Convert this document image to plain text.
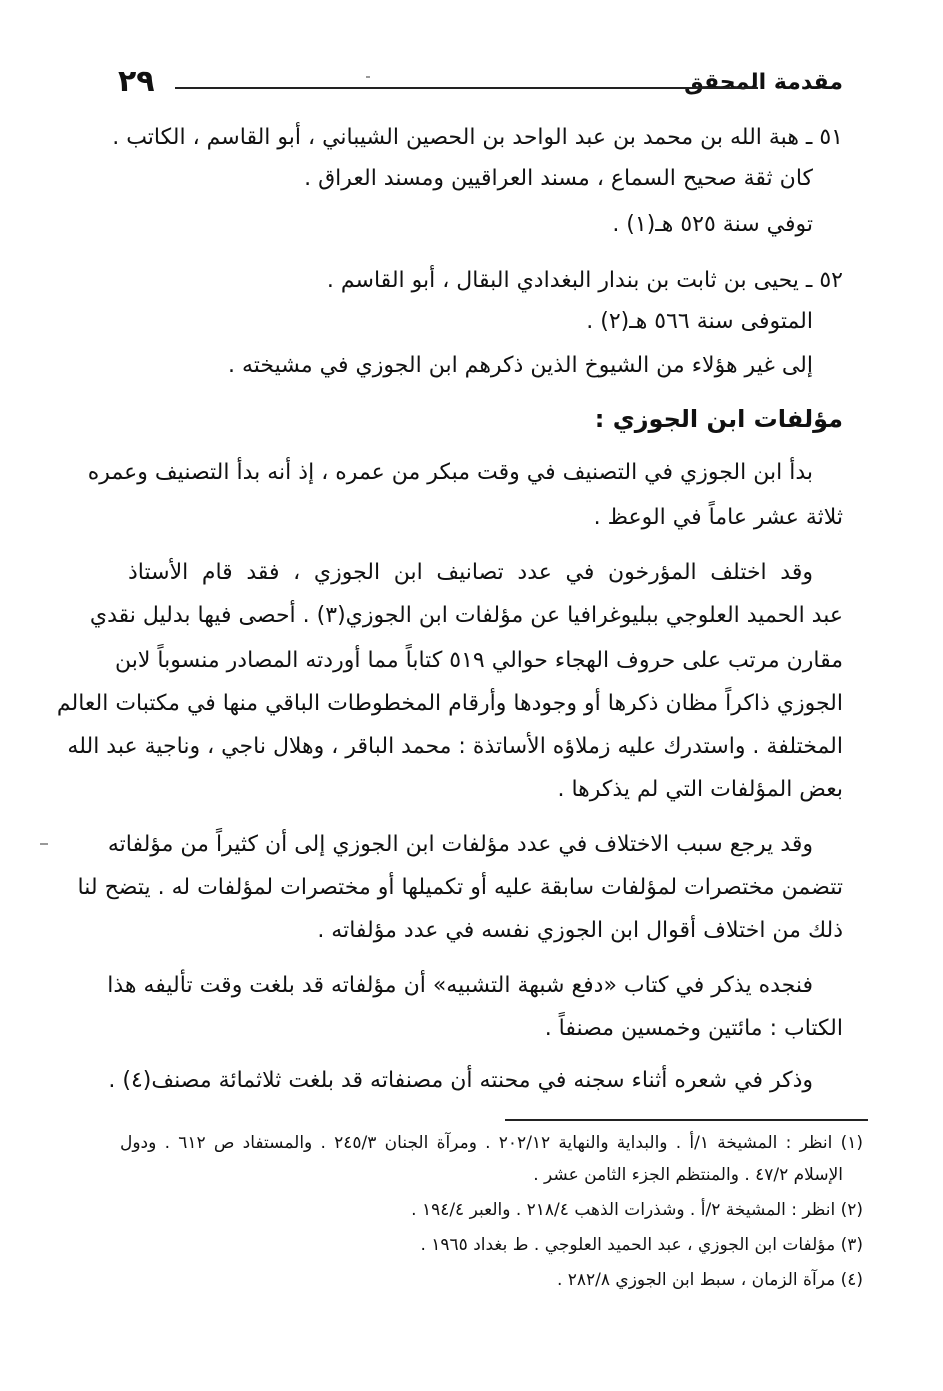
مقدمة المحقق
٢٩
٥١ ـ هبة الله بن محمد بن عبد الواحد بن الحصين الشيباني ، أبو القاسم ، الكاتب .
كان ثقة صحيح السماع ، مسند العراقيين ومسند العراق .
توفي سنة ٥٢٥ هـ(١) .
٥٢ ـ يحيى بن ثابت بن بندار البغدادي البقال ، أبو القاسم .
المتوفى سنة ٥٦٦ هـ(٢) .
إلى غير هؤلاء من الشيوخ الذين ذكرهم ابن الجوزي في مشيخته .
مؤلفات ابن الجوزي :
بدأ ابن الجوزي في التصنيف في وقت مبكر من عمره ، إذ أنه بدأ التصنيف وعمره
ثلاثة عشر عاماً في الوعظ .
وقد اختلف المؤرخون في عدد تصانيف ابن الجوزي ، فقد قام الأستاذ
عبد الحميد العلوجي ببليوغرافيا عن مؤلفات ابن الجوزي(٣) . أحصى فيها بدليل نقدي
مقارن مرتب على حروف الهجاء حوالي ٥١٩ كتاباً مما أوردته المصادر منسوباً لابن
الجوزي ذاكراً مظان ذكرها أو وجودها وأرقام المخطوطات الباقي منها في مكتبات العالم
المختلفة . واستدرك عليه زملاؤه الأساتذة : محمد الباقر ، وهلال ناجي ، وناجية عبد الله
بعض المؤلفات التي لم يذكرها .
وقد يرجع سبب الاختلاف في عدد مؤلفات ابن الجوزي إلى أن كثيراً من مؤلفاته
تتضمن مختصرات لمؤلفات سابقة عليه أو تكميلها أو مختصرات لمؤلفات له . يتضح لنا
ذلك من اختلاف أقوال ابن الجوزي نفسه في عدد مؤلفاته .
فنجده يذكر في كتاب «دفع شبهة التشبيه» أن مؤلفاته قد بلغت وقت تأليفه هذا
الكتاب : مائتين وخمسين مصنفاً .
وذكر في شعره أثناء سجنه في محنته أن مصنفاته قد بلغت ثلاثمائة مصنف(٤) .
(١) انظر : المشيخة ١/أ . والبداية والنهاية ٢٠٢/١٢ . ومرآة الجنان ٢٤٥/٣ . والمستفاد ص ٦١٢ . ودول
الإسلام ٤٧/٢ . والمنتظم الجزء الثامن عشر .
(٢) انظر : المشيخة ٢/أ . وشذرات الذهب ٢١٨/٤ . والعبر ١٩٤/٤ .
(٣) مؤلفات ابن الجوزي ، عبد الحميد العلوجي . ط بغداد ١٩٦٥ .
(٤) مرآة الزمان ، سبط ابن الجوزي ٢٨٢/٨ .
